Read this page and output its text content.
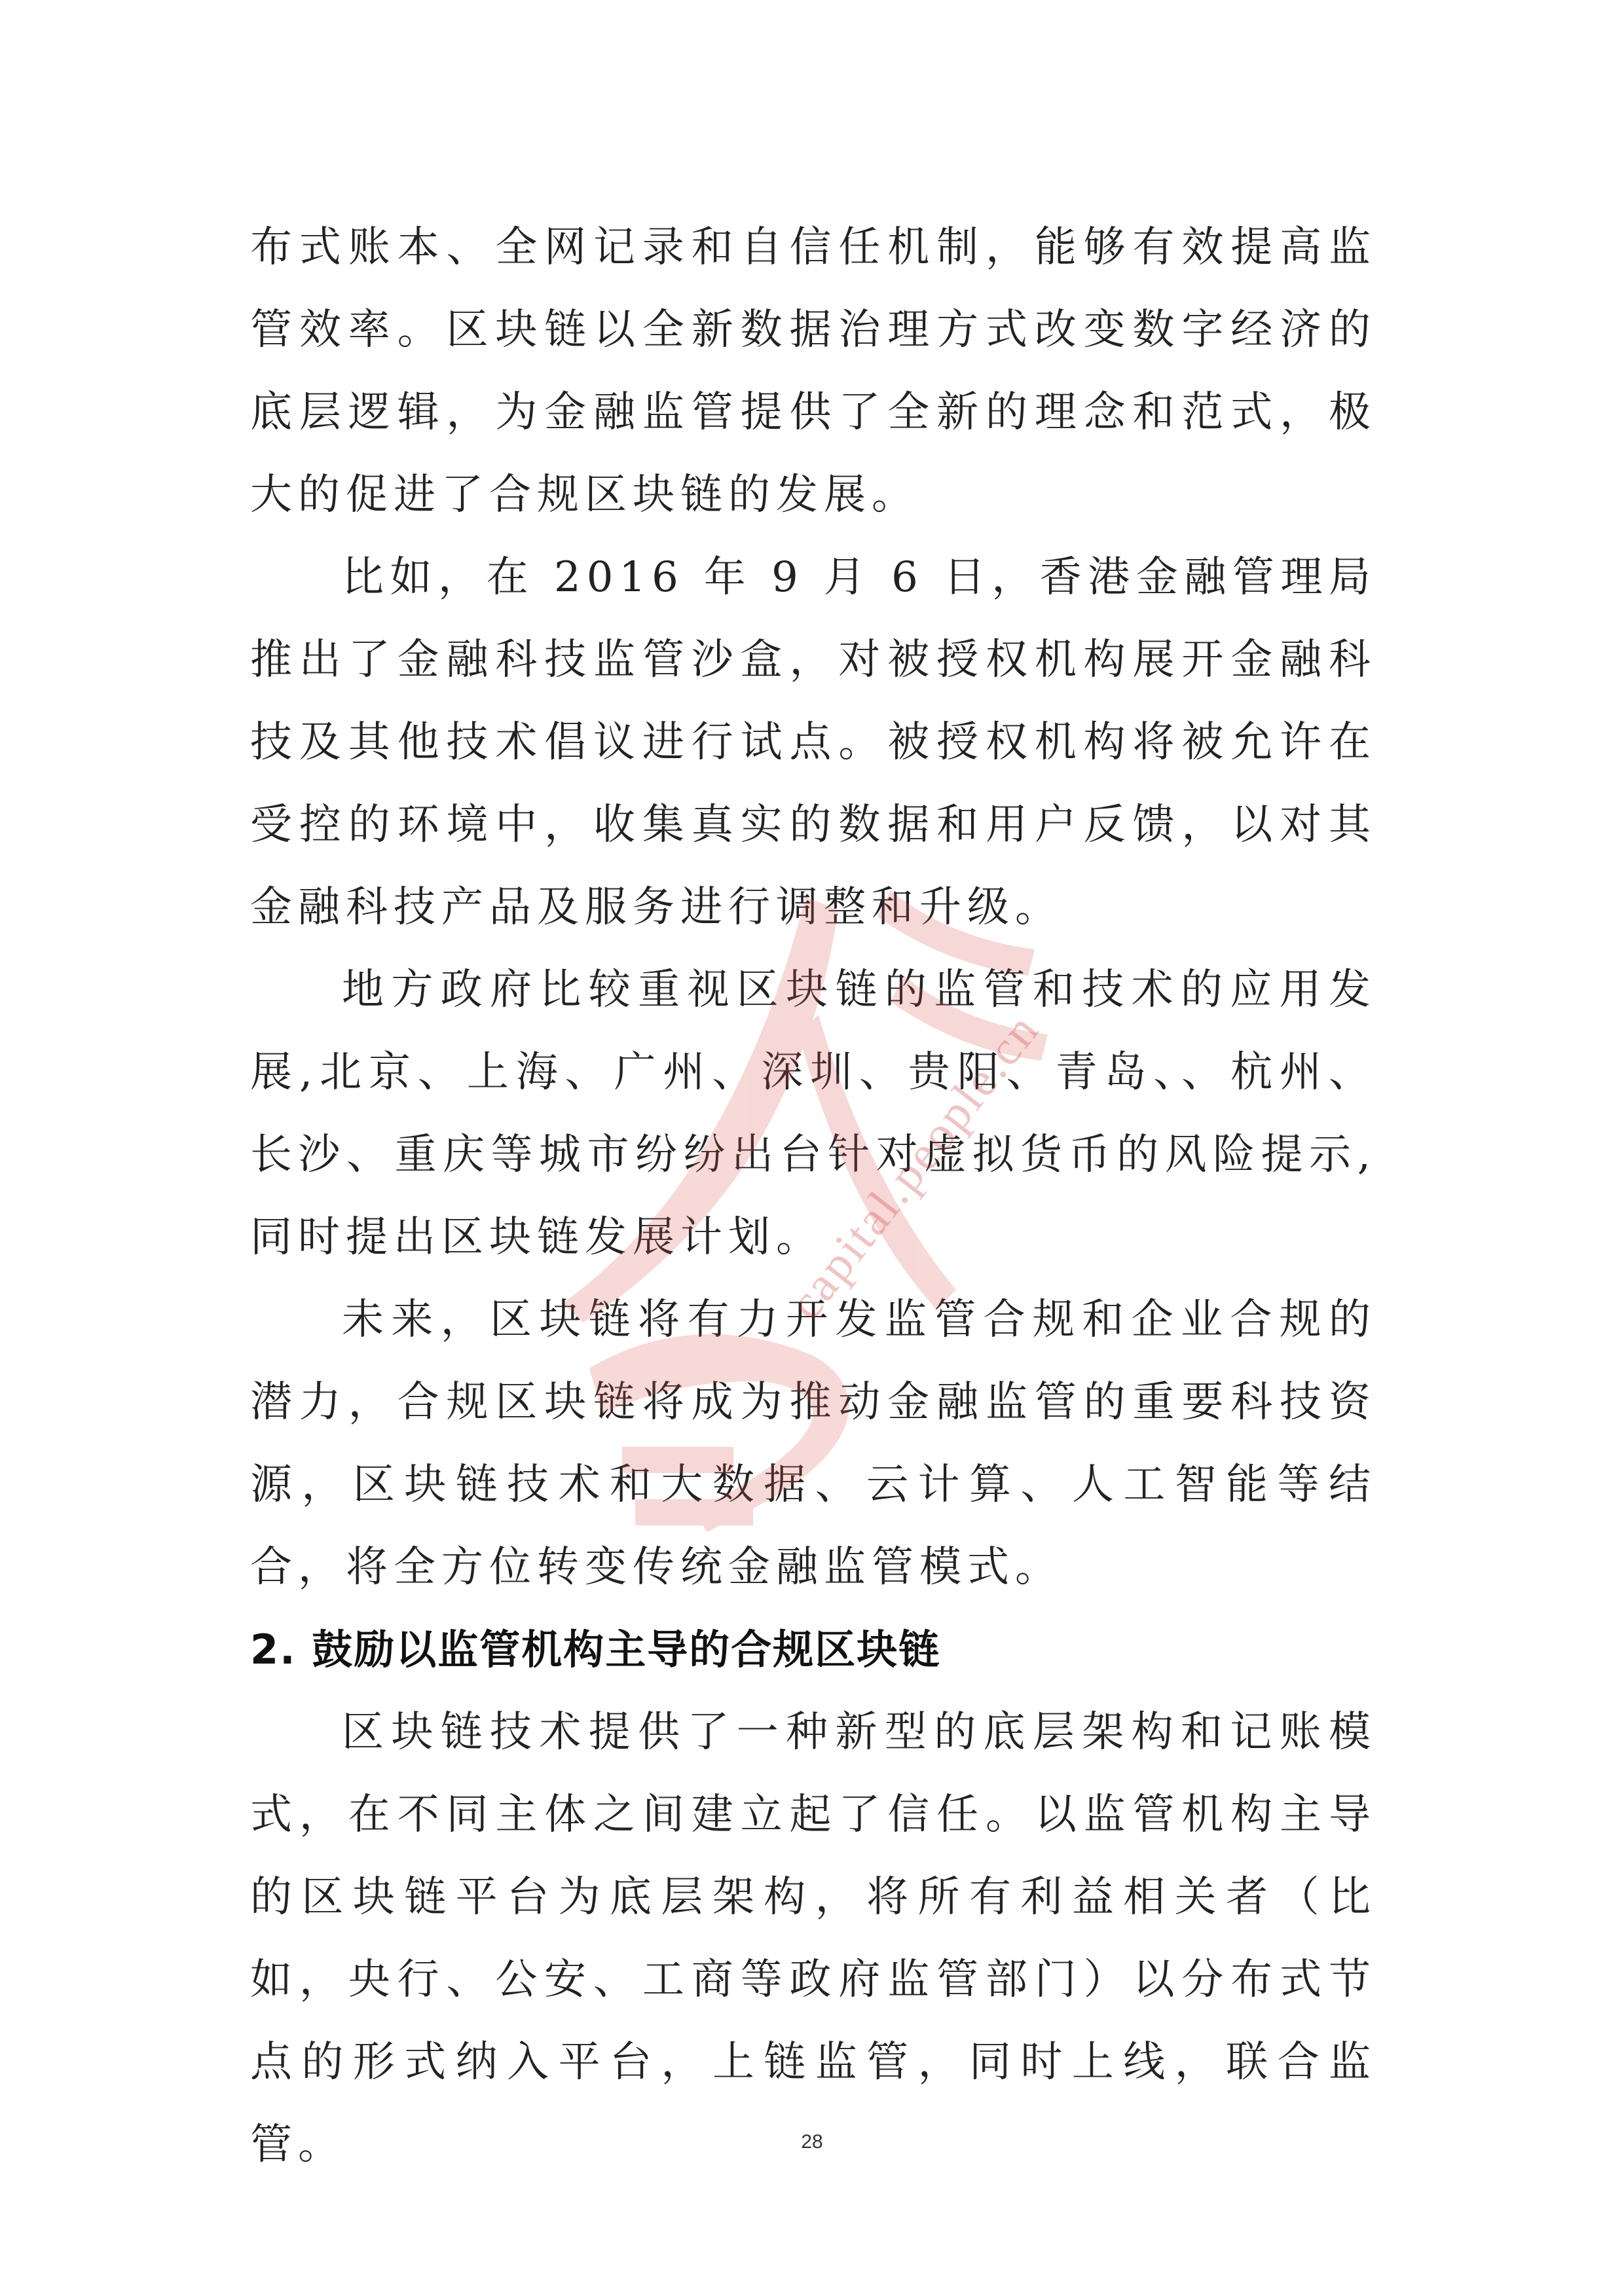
布式账本、全网记录和自信任机制，能够有效提高监管效率。区块链以全新数据治理方式改变数字经济的底层逻辑，为金融监管提供了全新的理念和范式，极大的促进了合规区块链的发展。

比如，在 2016 年 9 月 6 日，香港金融管理局推出了金融科技监管沙盒，对被授权机构展开金融科技及其他技术倡议进行试点。被授权机构将被允许在受控的环境中，收集真实的数据和用户反馈，以对其金融科技产品及服务进行调整和升级。

地方政府比较重视区块链的监管和技术的应用发展,北京、上海、广州、深圳、贵阳、青岛、、杭州、长沙、重庆等城市纷纷出台针对虚拟货币的风险提示,同时提出区块链发展计划。

未来，区块链将有力开发监管合规和企业合规的潜力，合规区块链将成为推动金融监管的重要科技资源，区块链技术和大数据、云计算、人工智能等结合，将全方位转变传统金融监管模式。

2. 鼓励以监管机构主导的合规区块链

区块链技术提供了一种新型的底层架构和记账模式，在不同主体之间建立起了信任。以监管机构主导的区块链平台为底层架构，将所有利益相关者（比如，央行、公安、工商等政府监管部门）以分布式节点的形式纳入平台，上链监管，同时上线，联合监管。

capital.people.cn
28
